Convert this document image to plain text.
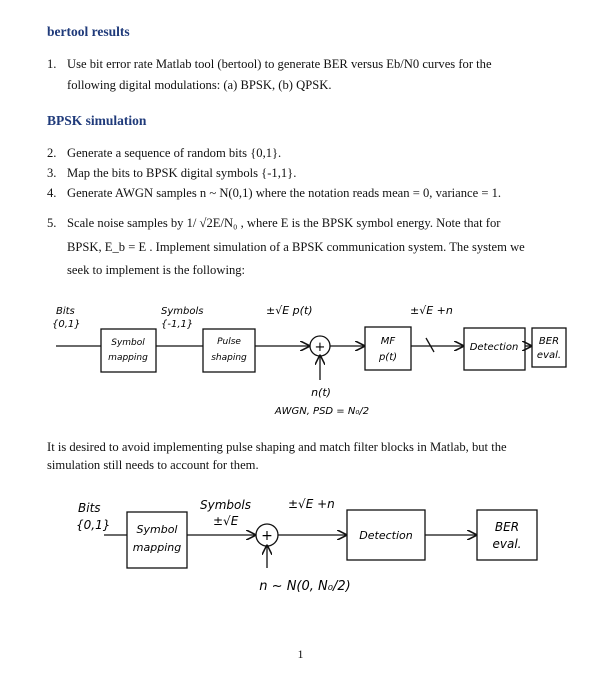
bertool results
1. Use bit error rate Matlab tool (bertool) to generate BER versus Eb/N0 curves for the
following digital modulations: (a) BPSK, (b) QPSK.
BPSK simulation
2. Generate a sequence of random bits {0,1}.
3. Map the bits to BPSK digital symbols {-1,1}.
4. Generate AWGN samples n ~ N(0,1) where the notation reads mean = 0, variance = 1.
5. Scale noise samples by 1/ √2E/N₀ , where E is the BPSK symbol energy. Note that for
BPSK, E_b = E . Implement simulation of a BPSK communication system. The system we
seek to implement is the following:
Bits
{0,1}
Symbol
mapping
Symbols
{-1,1}
Pulse
shaping
±√E p(t)
+	MF
p(t)
±√E +n
Detection
BER
eval.
n(t)
AWGN, PSD = N₀/2
It is desired to avoid implementing pulse shaping and match filter blocks in Matlab, but the
simulation still needs to account for them.
Bits
{0,1} Symbol
mapping
Symbols
±√E
±√E +n
+	Detection
BER
eval.
n ~ N(0, N₀/2)
1
